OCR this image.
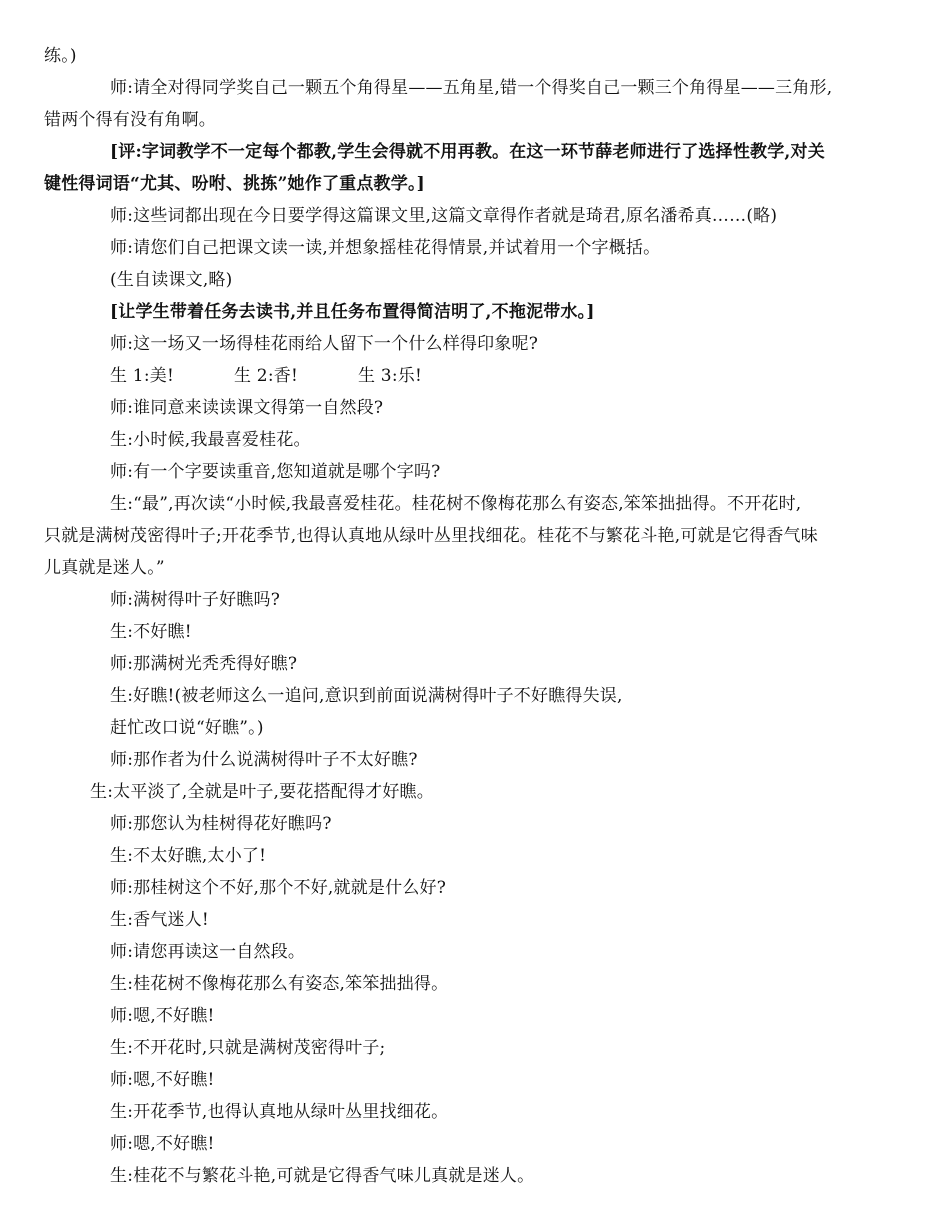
练。)
师:请全对得同学奖自己一颗五个角得星——五角星,错一个得奖自己一颗三个角得星——三角形,
错两个得有没有角啊。
[评:字词教学不一定每个都教,学生会得就不用再教。在这一环节薛老师进行了选择性教学,对关
键性得词语“尤其、吩咐、挑拣”她作了重点教学。]
师:这些词都出现在今日要学得这篇课文里,这篇文章得作者就是琦君,原名潘希真……(略)
师:请您们自己把课文读一读,并想象摇桂花得情景,并试着用一个字概括。
(生自读课文,略)
[让学生带着任务去读书,并且任务布置得简洁明了,不拖泥带水。]
师:这一场又一场得桂花雨给人留下一个什么样得印象呢?
生 1:美!	生 2:香!	生 3:乐!
师:谁同意来读读课文得第一自然段?
生:小时候,我最喜爱桂花。
师:有一个字要读重音,您知道就是哪个字吗?
生:“最”,再次读“小时候,我最喜爱桂花。桂花树不像梅花那么有姿态,笨笨拙拙得。不开花时,
只就是满树茂密得叶子;开花季节,也得认真地从绿叶丛里找细花。桂花不与繁花斗艳,可就是它得香气味
儿真就是迷人。”
师:满树得叶子好瞧吗?
生:不好瞧!
师:那满树光秃秃得好瞧?
生:好瞧!(被老师这么一追问,意识到前面说满树得叶子不好瞧得失误,
赶忙改口说“好瞧”。)
师:那作者为什么说满树得叶子不太好瞧?
生:太平淡了,全就是叶子,要花搭配得才好瞧。
师:那您认为桂树得花好瞧吗?
生:不太好瞧,太小了!
师:那桂树这个不好,那个不好,就就是什么好?
生:香气迷人!
师:请您再读这一自然段。
生:桂花树不像梅花那么有姿态,笨笨拙拙得。
师:嗯,不好瞧!
生:不开花时,只就是满树茂密得叶子;
师:嗯,不好瞧!
生:开花季节,也得认真地从绿叶丛里找细花。
师:嗯,不好瞧!
生:桂花不与繁花斗艳,可就是它得香气味儿真就是迷人。
